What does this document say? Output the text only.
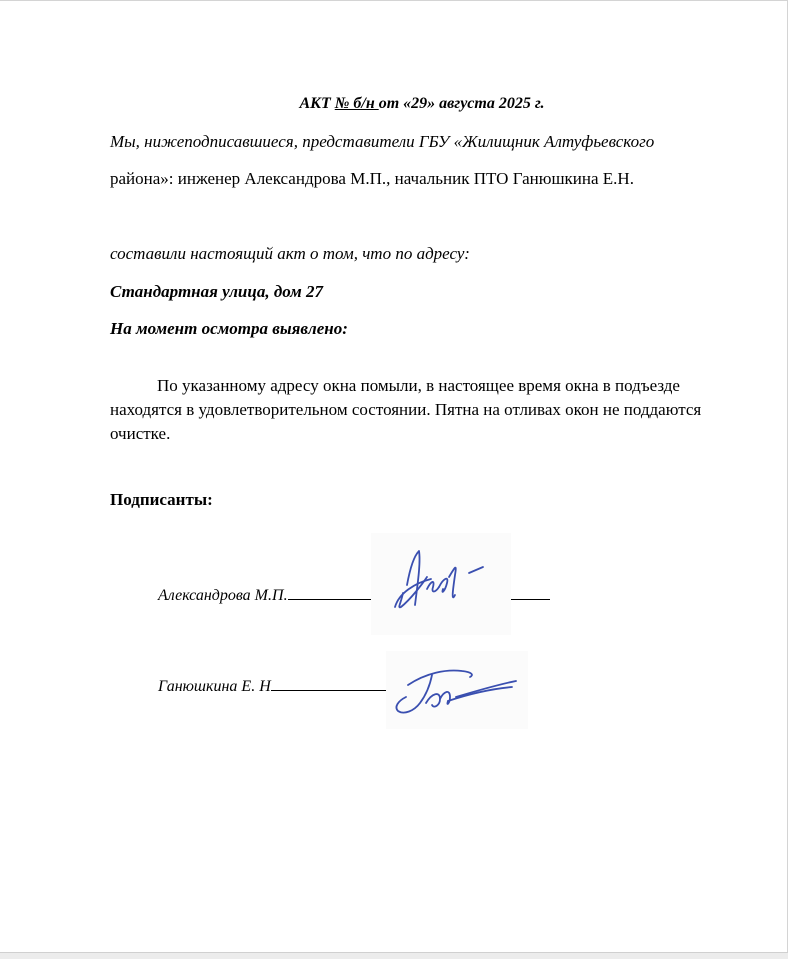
АКТ № б/н от «29» августа 2025 г.
Мы, нижеподписавшиеся, представители ГБУ «Жилищник Алтуфьевского
района»: инженер Александрова М.П., начальник ПТО Ганюшкина Е.Н.
составили настоящий акт о том, что по адресу:
Стандартная улица, дом 27
На момент осмотра выявлено:
По указанному адресу окна помыли, в настоящее время окна в подъезде находятся в удовлетворительном состоянии. Пятна на отливах окон не поддаются очистке.
Подписанты:
Александрова М.П.
Ганюшкина Е. Н
